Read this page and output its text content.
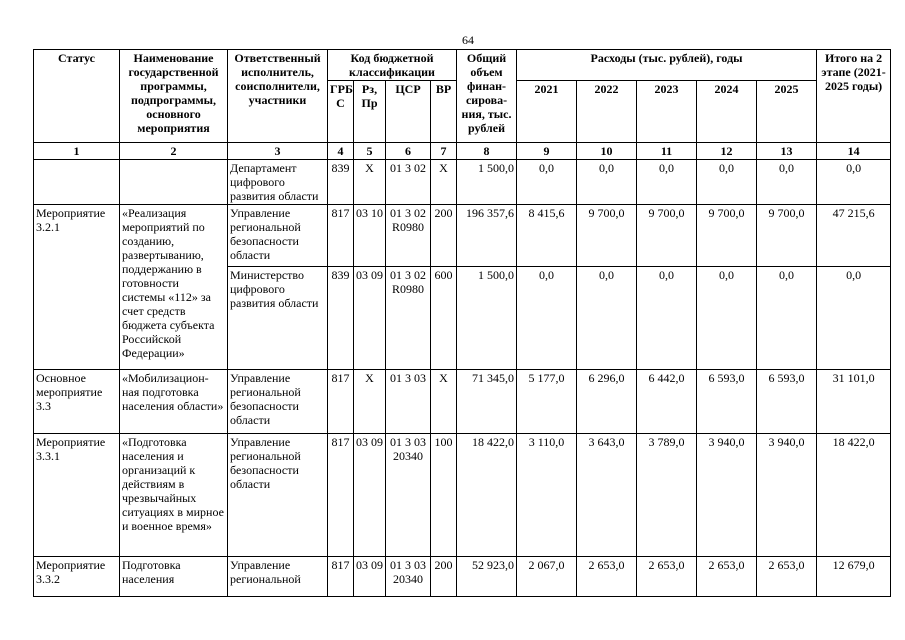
64
Статус	Наименование государственной программы, подпрограммы, основного мероприятия	Ответственный исполнитель, соисполнители, участники	Код бюджетной классификации				Общий объем финан- сирова- ния, тыс. рублей	Расходы (тыс. рублей), годы					Итого на 2 этапе (2021- 2025 годы)
			ГРБ С	Рз, Пр	ЦСР	ВР		2021	2022	2023	2024	2025	
1	2	3	4	5	6	7	8	9	10	11	12	13	14
		Департамент цифрового развития области	839	Х	01 3 02	Х	1 500,0	0,0	0,0	0,0	0,0	0,0	0,0
Мероприятие 3.2.1	«Реализация мероприятий по созданию, развертыванию, поддержанию в готовности системы «112» за счет средств бюджета субъекта Российской Федерации»	Управление региональной безопасности области	817	03 10	01 3 02 R0980	200	196 357,6	8 415,6	9 700,0	9 700,0	9 700,0	9 700,0	47 215,6
		Министерство цифрового развития области	839	03 09	01 3 02 R0980	600	1 500,0	0,0	0,0	0,0	0,0	0,0	0,0
Основное мероприятие 3.3	«Мобилизацион- ная подготовка населения области»	Управление региональной безопасности области	817	Х	01 3 03	Х	71 345,0	5 177,0	6 296,0	6 442,0	6 593,0	6 593,0	31 101,0
Мероприятие 3.3.1	«Подготовка населения и организаций к действиям в чрезвычайных ситуациях в мирное и военное время»	Управление региональной безопасности области	817	03 09	01 3 03 20340	100	18 422,0	3 110,0	3 643,0	3 789,0	3 940,0	3 940,0	18 422,0
Мероприятие 3.3.2	Подготовка населения	Управление региональной	817	03 09	01 3 03 20340	200	52 923,0	2 067,0	2 653,0	2 653,0	2 653,0	2 653,0	12 679,0
